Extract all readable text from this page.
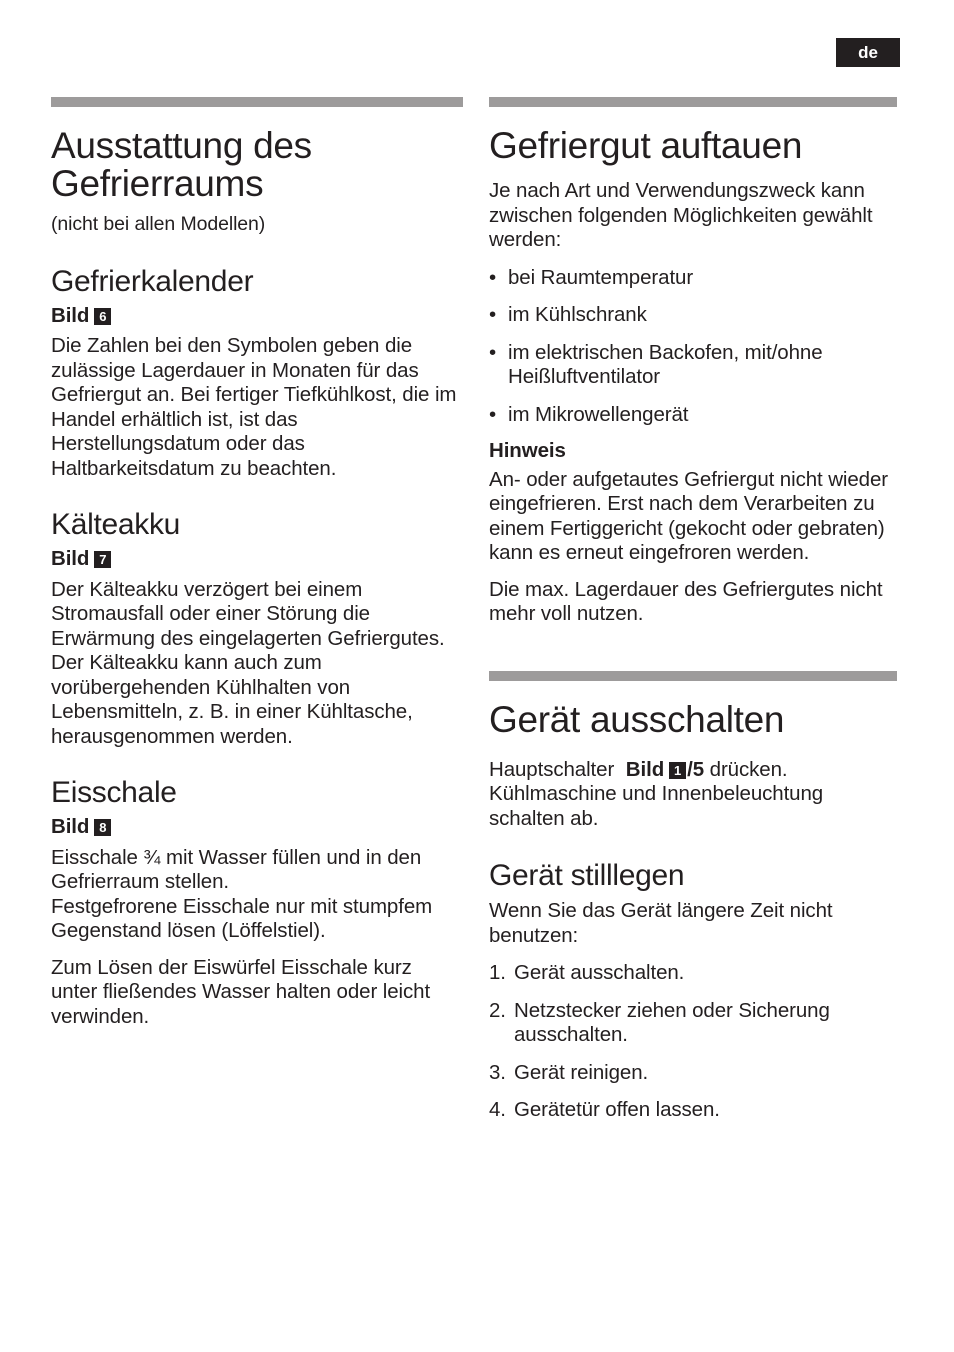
de
Ausstattung des
Gefrierraums

(nicht bei allen Modellen)

Gefrierkalender
Bild 6

Die Zahlen bei den Symbolen geben die zulässige Lagerdauer in Monaten für das Gefriergut an. Bei fertiger Tiefkühlkost, die im Handel erhältlich ist, ist das Herstellungsdatum oder das Haltbarkeitsdatum zu beachten.

Kälteakku
Bild 7

Der Kälteakku verzögert bei einem Stromausfall oder einer Störung die Erwärmung des eingelagerten Gefriergutes. Der Kälteakku kann auch zum vorübergehenden Kühlhalten von Lebensmitteln, z. B. in einer Kühltasche, herausgenommen werden.

Eisschale
Bild 8

Eisschale ¾ mit Wasser füllen und in den Gefrierraum stellen.

Festgefrorene Eisschale nur mit stumpfem Gegenstand lösen (Löffelstiel).

Zum Lösen der Eiswürfel Eisschale kurz unter fließendes Wasser halten oder leicht verwinden.

Gefriergut auftauen

Je nach Art und Verwendungszweck kann zwischen folgenden Möglichkeiten gewählt werden:

• bei Raumtemperatur
• im Kühlschrank
• im elektrischen Backofen, mit/ohne Heißluftventilator
• im Mikrowellengerät
Hinweis

An- oder aufgetautes Gefriergut nicht wieder eingefrieren. Erst nach dem Verarbeiten zu einem Fertiggericht (gekocht oder gebraten) kann es erneut eingefroren werden.

Die max. Lagerdauer des Gefriergutes nicht mehr voll nutzen.

Gerät ausschalten

Hauptschalter Bild 1 /5 drücken.
Kühlmaschine und Innenbeleuchtung schalten ab.

Gerät stilllegen

Wenn Sie das Gerät längere Zeit nicht benutzen:

1. Gerät ausschalten.
2. Netzstecker ziehen oder Sicherung ausschalten.
3. Gerät reinigen.
4. Gerätetür offen lassen.
